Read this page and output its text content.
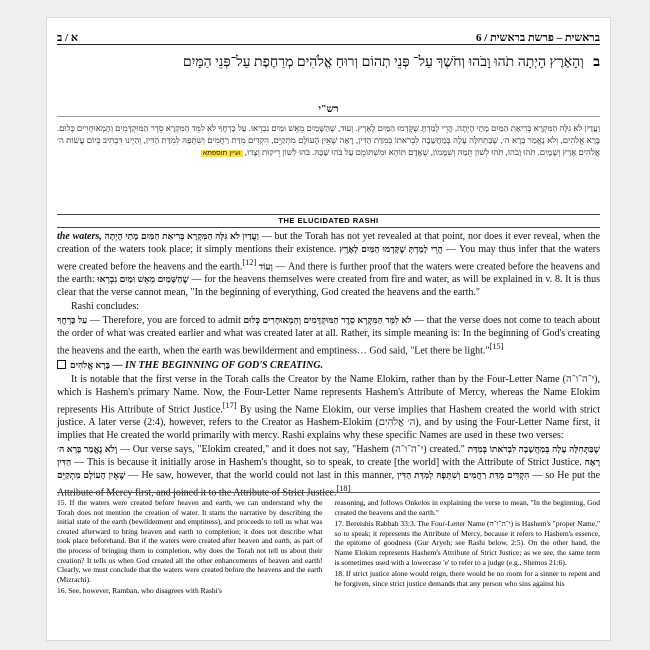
א / ב	6 / בראשית – פרשת בראשית
ב וְהָאָרֶץ הָיְתָה תֹהוּ וָבֹהוּ וְחֹשֶׁךְ עַל־ פְּנֵי תְהוֹם וְרוּחַ אֱלֹהִים מְרַחֶפֶת עַל־פְּנֵי הַמָּיִם
רש"י
וַעֲדַיִן לֹא גִּלָּה הַמִּקְרָא בְּרִיאַת הַמַּיִם מָתַי הָיְתָה, הֲרֵי לָמַדְתָּ שֶׁקָּדְמוּ הַמַּיִם לָאָרֶץ. וְעוֹד, שֶׁהַשָּׁמַיִם מֵאֵשׁ וּמַיִם נִבְרְאוּ. עַל כָּרְחֲךָ לֹא לִמֵּד הַמִּקְרָא סֵדֶר הַמּוּקְדָּמִים וְהַמְאוּחָרִים כְּלוּם. בָּרָא אֱלֹהִים, וְלֹא נֶאֱמַר בָּרָא ה׳, שֶׁבַּתְּחִלָּה עָלָה בְּמַחֲשָׁבָה לִבְרֹאתוֹ בְּמִדַּת הַדִּין, רָאָה שֶׁאֵין הָעוֹלָם מִתְקַיֵּם, הִקְדִּים מִדַּת רַחֲמִים וְשִׁתְּפָהּ לְמִדַּת הַדִּין, וְהַיְינוּ דִּכְתִיב בְּיוֹם עֲשׂוֹת ה׳ אֱלֹהִים אֶרֶץ וְשָׁמָיִם. תֹּהוּ וָבֹהוּ, תֹּהוּ לְשׁוֹן תֵּמַהּ וְשִׁמָּמוֹן, שֶׁאָדָם תּוֹהֶא וּמִשְׁתּוֹמֵם עַל בֹּהוּ שֶׁבָּהּ. בֹּהוּ לְשׁוֹן רֵיקוּת וְצָדוּ, ועיין תוספתא
THE ELUCIDATED RASHI

the waters, וַעֲדַיִן לֹא גִּלָּה הַמִּקְרָא בְּרִיאַת הַמַּיִם מָתַי הָיְתָה — but the Torah has not yet revealed at that point, nor does it ever reveal, when the creation of the waters took place; it simply mentions their existence. הֲרֵי לָמַדְתָּ שֶׁקָּדְמוּ הַמַּיִם לָאָרֶץ — You may thus infer that the waters were created before the heavens and the earth.[12] וְעוֹד — And there is further proof that the waters were created before the heavens and the earth: שֶׁהַשָּׁמַיִם מֵאֵשׁ וּמַיִם נִבְרְאוּ — for the heavens themselves were created from fire and water, as will be explained in v. 8. It is thus clear that the verse cannot mean, "In the beginning of everything, God created the heavens and the earth."

Rashi concludes:

עַל כָּרְחֲךָ — Therefore, you are forced to admit לֹא לִמֵּד הַמִּקְרָא סֵדֶר הַמּוּקְדָּמִים וְהַמְאוּחָרִים כְּלוּם — that the verse does not come to teach about the order of what was created earlier and what was created later at all. Rather, its simple meaning is: In the beginning of God's creating the heavens and the earth, when the earth was bewilderment and emptiness… God said, "Let there be light."[15]

בָּרָא אֱלֹהִים — IN THE BEGINNING OF GOD'S CREATING.

It is notable that the first verse in the Torah calls the Creator by the Name Elokim, rather than by the Four-Letter Name (י־ה־ו־ה), which is Hashem's primary Name. Now, the Four-Letter Name represents Hashem's Attribute of Mercy, whereas the Name Elokim represents His Attribute of Strict Justice.[17] By using the Name Elokim, our verse implies that Hashem created the world with strict justice. A later verse (2:4), however, refers to the Creator as Hashem-Elokim (ה׳ אֱלֹהִים), and by using the Four-Letter Name first, it implies that He created the world primarily with mercy. Rashi explains why these specific Names are used in these two verses:

וְלֹא נֶאֱמַר בָּרָא ה׳ — Our verse says, "Elokim created," and it does not say, "Hashem (י־ה־ו־ה) created." שֶׁבַּתְּחִלָּה עָלָה בְּמַחֲשָׁבָה לִבְרֹאתוֹ בְּמִדַּת הַדִּין — This is because it initially arose in Hashem's thought, so to speak, to create [the world] with the Attribute of Strict Justice. רָאָה שֶׁאֵין הָעוֹלָם מִתְקַיֵּם — He saw, however, that the world could not last in this manner, הִקְדִּים מִדַּת רַחֲמִים וְשִׁתְּפָהּ לְמִדַּת הַדִּין — so He put the Attribute of Mercy first, and joined it to the Attribute of Strict Justice.[18]

15. If the waters were created before heaven and earth, we can understand why the Torah does not mention the creation of water. It starts the narrative by describing the initial state of the earth (bewilderment and emptiness), and proceeds to tell us what was created afterward to bring heaven and earth to completion; it does not describe what took place beforehand. But if the waters were created after heaven and earth, as part of the process of bringing them to completion, why does the Torah not tell us about their creation? It tells us when God created all the other enhancements of heaven and earth! Clearly, we must conclude that the waters were created before the heavens and the earth (Mizrachi).

16. See, however, Ramban, who disagrees with Rashi's

reasoning, and follows Onkelos in explaining the verse to mean, "In the beginning, God created the heavens and the earth."

17. Bereishis Rabbah 33:3. The Four-Letter Name (י־ה־ו־ה) is Hashem's "proper Name," so to speak; it represents the Attribute of Mercy, because it refers to Hashem's essence, the epitome of goodness (Gur Aryeh; see Rashi below, 2:5). On the other hand, the Name Elokim represents Hashem's Attribute of Strict Justice; as we see, the same term is sometimes used with a lowercase 'e' to refer to a judge (e.g., Shemos 21:6).

18. If strict justice alone would reign, there would be no room for a sinner to repent and be forgiven, since strict justice demands that any person who sins against his
